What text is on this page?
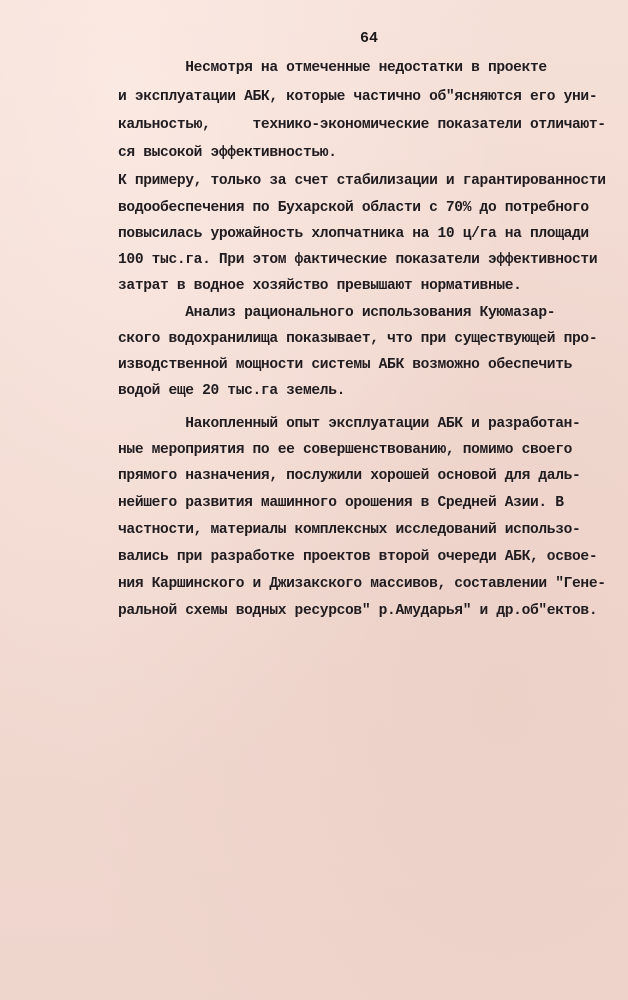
64
Несмотря на отмеченные недостатки в проекте
и эксплуатации АБК, которые частично об"ясняются его уни-
кальностью,     технико-экономические показатели отличают-
ся высокой эффективностью.
К примеру, только за счет стабилизации и гарантированности
водообеспечения по Бухарской области с 70% до потребного
повысилась урожайность хлопчатника на 10 ц/га на площади
100 тыс.га. При этом фактические показатели эффективности
затрат в водное хозяйство превышают нормативные.
Анализ рационального использования Куюмазар-
ского водохранилища показывает, что при существующей про-
изводственной мощности системы АБК возможно обеспечить
водой еще 20 тыс.га земель.
Накопленный опыт эксплуатации АБК и разработан-
ные мероприятия по ее совершенствованию, помимо своего
прямого назначения, послужили хорошей основой для даль-
нейшего развития машинного орошения в Средней Азии. В
частности, материалы комплексных исследований использо-
вались при разработке проектов второй очереди АБК, освое-
ния Каршинского и Джизакского массивов, составлении "Гене-
ральной схемы водных ресурсов" р.Амударья" и др.об"ектов.
